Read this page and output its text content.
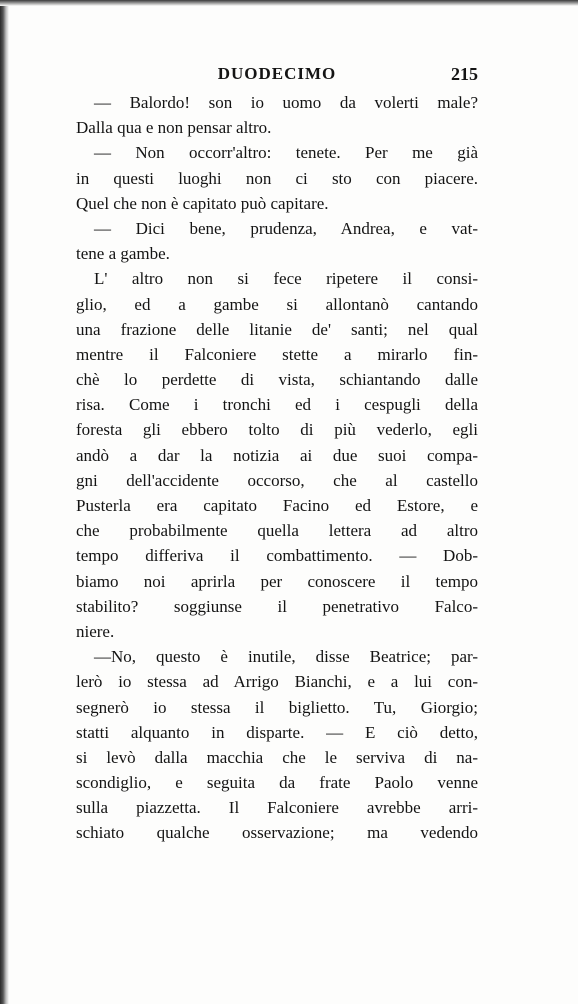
DUODECIMO	215
— Balordo! son io uomo da volerti male?
Dalla qua e non pensar altro.
— Non occorr'altro: tenete. Per me già
in questi luoghi non ci sto con piacere.
Quel che non è capitato può capitare.
— Dici bene, prudenza, Andrea, e vat-
tene a gambe.
L' altro non si fece ripetere il consi-
glio, ed a gambe si allontanò cantando
una frazione delle litanie de' santi; nel qual
mentre il Falconiere stette a mirarlo fin-
chè lo perdette di vista, schiantando dalle
risa. Come i tronchi ed i cespugli della
foresta gli ebbero tolto di più vederlo, egli
andò a dar la notizia ai due suoi compa-
gni dell'accidente occorso, che al castello
Pusterla era capitato Facino ed Estore, e
che probabilmente quella lettera ad altro
tempo differiva il combattimento. — Dob-
biamo noi aprirla per conoscere il tempo
stabilito? soggiunse il penetrativo Falco-
niere.
—No, questo è inutile, disse Beatrice; par-
lerò io stessa ad Arrigo Bianchi, e a lui con-
segnerò io stessa il biglietto. Tu, Giorgio;
statti alquanto in disparte. — E ciò detto,
si levò dalla macchia che le serviva di na-
scondiglio, e seguita da frate Paolo venne
sulla piazzetta. Il Falconiere avrebbe arri-
schiato qualche osservazione; ma vedendo
